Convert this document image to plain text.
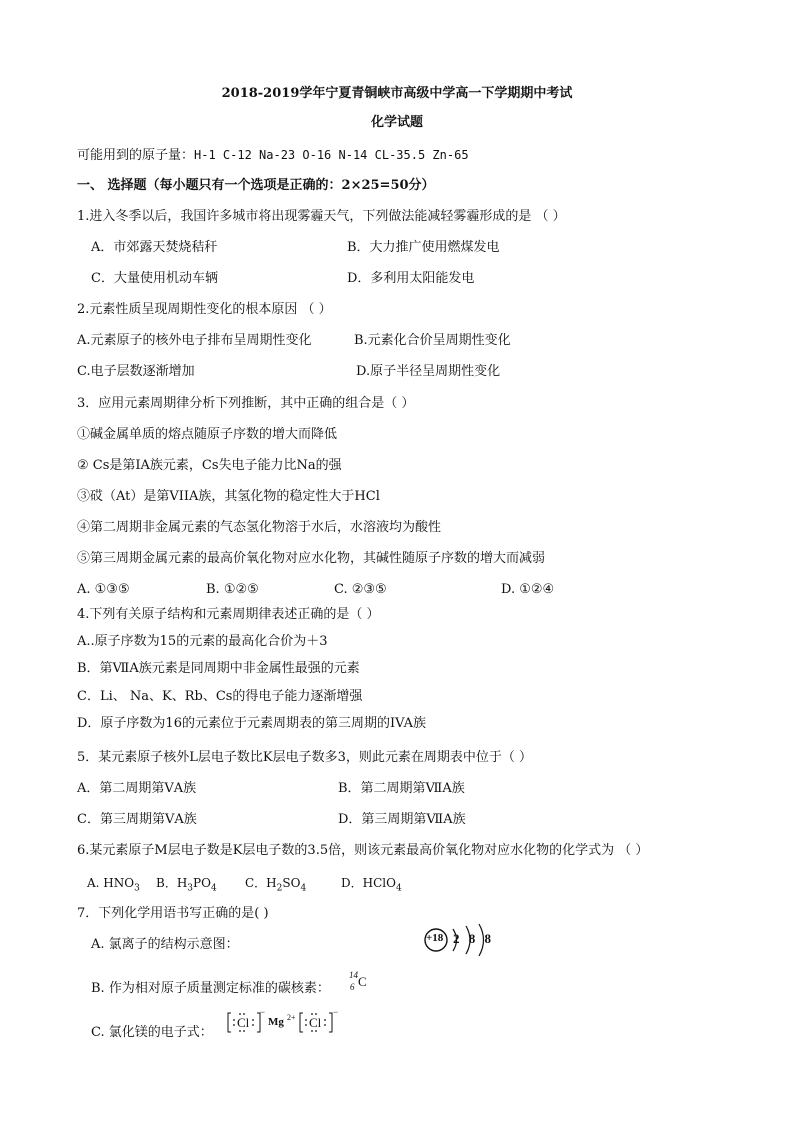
2018-2019学年宁夏青铜峡市高级中学高一下学期期中考试
化学试题
可能用到的原子量：H-1 C-12 Na-23 O-16 N-14 CL-35.5 Zn-65
一、 选择题（每小题只有一个选项是正确的：2×25=50分）
1.进入冬季以后，我国许多城市将出现雾霾天气，下列做法能减轻雾霾形成的是 （ ）
A．市郊露天焚烧秸秆	B．大力推广使用燃煤发电
C．大量使用机动车辆	D．多利用太阳能发电
2.元素性质呈现周期性变化的根本原因 （ ）
A.元素原子的核外电子排布呈周期性变化	B.元素化合价呈周期性变化
C.电子层数逐渐增加	D.原子半径呈周期性变化
3．应用元素周期律分析下列推断，其中正确的组合是（ ）
①碱金属单质的熔点随原子序数的增大而降低
② Cs是第ⅠA族元素，Cs失电子能力比Na的强
③砹（At）是第VIIA族，其氢化物的稳定性大于HCl
④第二周期非金属元素的气态氢化物溶于水后，水溶液均为酸性
⑤第三周期金属元素的最高价氧化物对应水化物，其碱性随原子序数的增大而减弱
A. ①③⑤	B. ①②⑤	C. ②③⑤	D. ①②④
4.下列有关原子结构和元素周期律表述正确的是（ ）
A..原子序数为15的元素的最高化合价为＋3
B．第ⅦA族元素是同周期中非金属性最强的元素
C．Li、 Na、K、Rb、Cs的得电子能力逐渐增强
D．原子序数为16的元素位于元素周期表的第三周期的IVA族
5．某元素原子核外L层电子数比K层电子数多3，则此元素在周期表中位于（ ）
A．第二周期第ⅤA族	B．第二周期第ⅦA族
C．第三周期第ⅤA族	D．第三周期第ⅦA族
6.某元素原子M层电子数是K层电子数的3.5倍，则该元素最高价氧化物对应水化物的化学式为 （ ）
A. $HNO_3$ B．$H_3PO_4$ C．$H_2SO_4$	D．HClO$_4$
7．下列化学用语书写正确的是( )
A. 氯离子的结构示意图：	+18 2 8 8
B. 作为相对原子质量测定标准的碳核素：
14
6 C
C. 氯化镁的电子式：
Cl
−
Mg 2+ Cl
−
